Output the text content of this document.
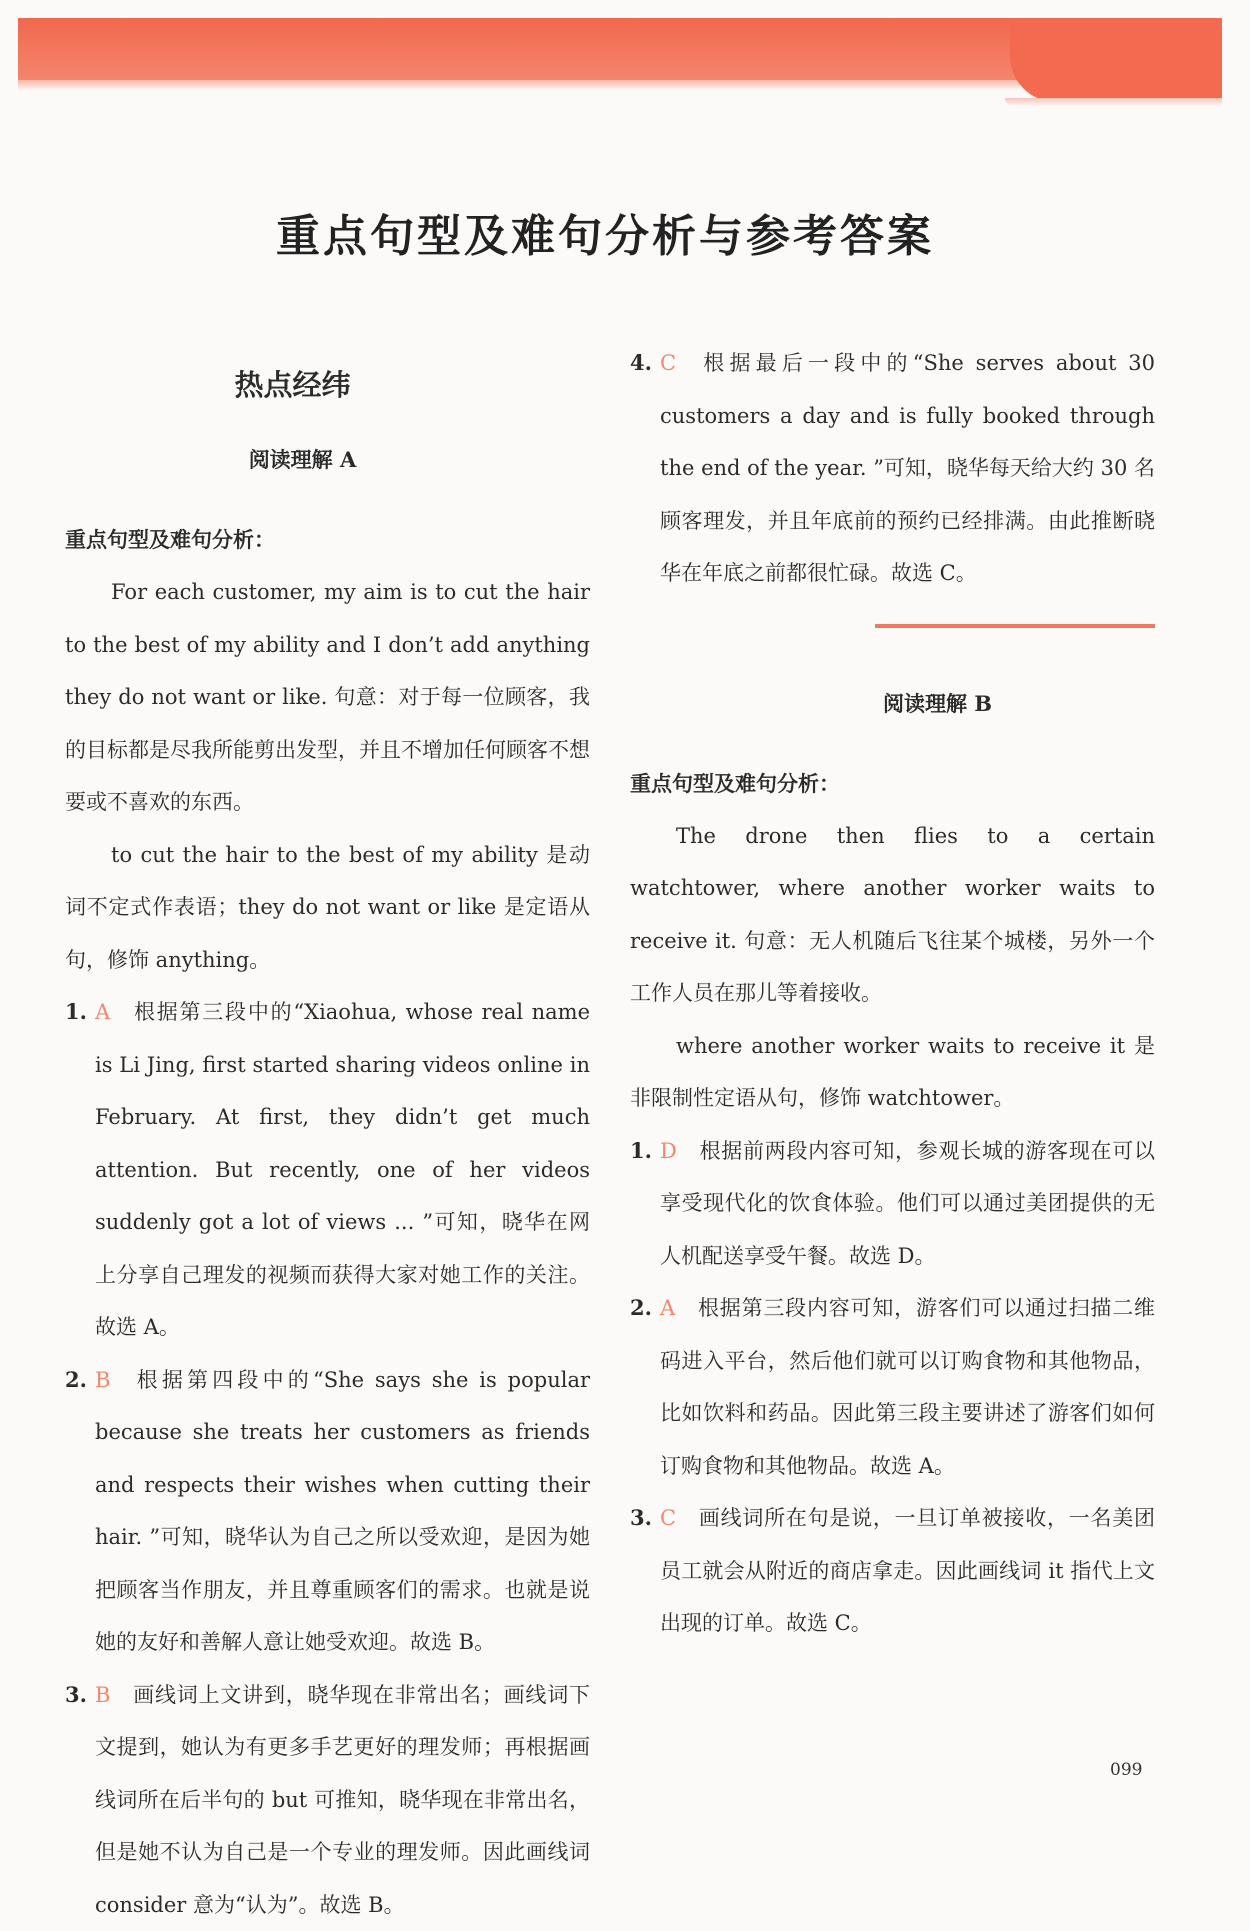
重点句型及难句分析与参考答案
热点经纬
阅读理解 A

重点句型及难句分析：

For each customer, my aim is to cut the hair to the best of my ability and I don’t add anything they do not want or like. 句意：对于每一位顾客，我的目标都是尽我所能剪出发型，并且不增加任何顾客不想要或不喜欢的东西。

to cut the hair to the best of my ability 是动词不定式作表语；they do not want or like 是定语从句，修饰 anything。

1. A 根据第三段中的“Xiaohua, whose real name is Li Jing, first started sharing videos online in February. At first, they didn’t get much attention. But recently, one of her videos suddenly got a lot of views ... ”可知，晓华在网上分享自己理发的视频而获得大家对她工作的关注。故选 A。

2. B 根据第四段中的“She says she is popular because she treats her customers as friends and respects their wishes when cutting their hair. ”可知，晓华认为自己之所以受欢迎，是因为她把顾客当作朋友，并且尊重顾客们的需求。也就是说她的友好和善解人意让她受欢迎。故选 B。

3. B 画线词上文讲到，晓华现在非常出名；画线词下文提到，她认为有更多手艺更好的理发师；再根据画线词所在后半句的 but 可推知，晓华现在非常出名，但是她不认为自己是一个专业的理发师。因此画线词 consider 意为“认为”。故选 B。

4. C 根据最后一段中的“She serves about 30 customers a day and is fully booked through the end of the year. ”可知，晓华每天给大约 30 名顾客理发，并且年底前的预约已经排满。由此推断晓华在年底之前都很忙碌。故选 C。

阅读理解 B

重点句型及难句分析：

The drone then flies to a certain watchtower, where another worker waits to receive it. 句意：无人机随后飞往某个城楼，另外一个工作人员在那儿等着接收。

where another worker waits to receive it 是非限制性定语从句，修饰 watchtower。

1. D 根据前两段内容可知，参观长城的游客现在可以享受现代化的饮食体验。他们可以通过美团提供的无人机配送享受午餐。故选 D。

2. A 根据第三段内容可知，游客们可以通过扫描二维码进入平台，然后他们就可以订购食物和其他物品，比如饮料和药品。因此第三段主要讲述了游客们如何订购食物和其他物品。故选 A。

3. C 画线词所在句是说，一旦订单被接收，一名美团员工就会从附近的商店拿走。因此画线词 it 指代上文出现的订单。故选 C。

099
